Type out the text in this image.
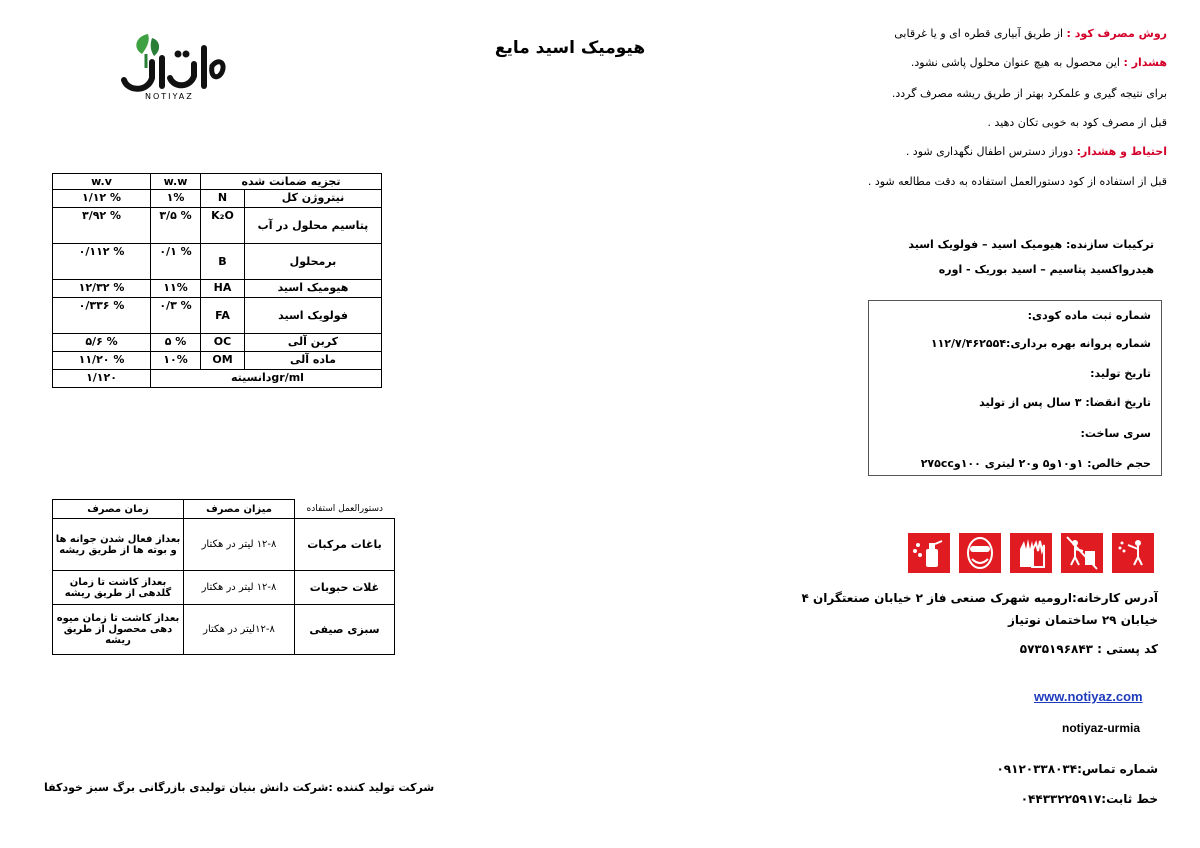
NOTIYAZ
هیومیک اسید مایع
روش مصرف کود : از طریق آبیاری قطره ای و یا غرقابی
هشدار : این محصول به هیچ عنوان محلول پاشی نشود.
برای نتیجه گیری و علمکرد بهتر از طریق ریشه مصرف گردد.
قبل از مصرف کود به خوبی تکان دهید .
احتیاط و هشدار: دوراز دسترس اطفال نگهداری شود .
قبل از استفاده از کود دستورالعمل استفاده به دقت مطالعه شود .
w.v	w.w	تجزیه ضمانت شده	
۱/۱۲ %	۱%	N	نیتروژن کل
۳/۹۲ %	۳/۵ %	K₂O	پتاسیم محلول در آب
۰/۱۱۲ %	۰/۱ %	B	برمحلول
۱۲/۳۲ %	۱۱%	HA	هیومیک اسید
۰/۳۳۶ %	۰/۳ %	FA	فولویک اسید
۵/۶ %	۵ %	OC	کربن آلی
۱۱/۲۰ %	۱۰%	OM	ماده آلی
۱/۱۲۰	دانسیتهgr/ml		
ترکیبات سازنده: هیومیک اسید – فولویک اسید
هیدرواکسید پتاسیم – اسید بوریک - اوره
شماره ثبت ماده کودی:
شماره پروانه بهره برداری:۱۱۲/۷/۴۶۲۵۵۴
تاریخ تولید:
تاریخ انقضا: ۳ سال پس از تولید
سری ساخت:
حجم خالص: ۱و۱۰و۵ و۲۰ لیتری ۱۰۰و۲۷۵cc
زمان مصرف	میزان مصرف	دستورالعمل استفاده
بعداز فعال شدن جوانه ها و بوته ها از طریق ریشه	۱۲-۸ لیتر در هکتار	باغات مرکبات
بعداز کاشت تا زمان گلدهی از طریق ریشه	۱۲-۸ لیتر در هکتار	غلات حبوبات
بعداز کاشت تا زمان میوه دهی محصول از طریق ریشه	۱۲-۸لیتر در هکتار	سبزی صیفی
آدرس کارخانه:ارومیه شهرک صنعی فاز ۲ خیابان صنعتگران ۴
خیابان ۲۹ ساختمان نوتیاز
کد پستی : ۵۷۳۵۱۹۶۸۴۳
www.notiyaz.com
notiyaz-urmia
شماره تماس:۰۹۱۲۰۳۳۸۰۳۴
خط ثابت:۰۴۴۳۳۲۲۵۹۱۷
شرکت تولید کننده :شرکت دانش بنیان تولیدی بازرگانی برگ سبز خودکفا
